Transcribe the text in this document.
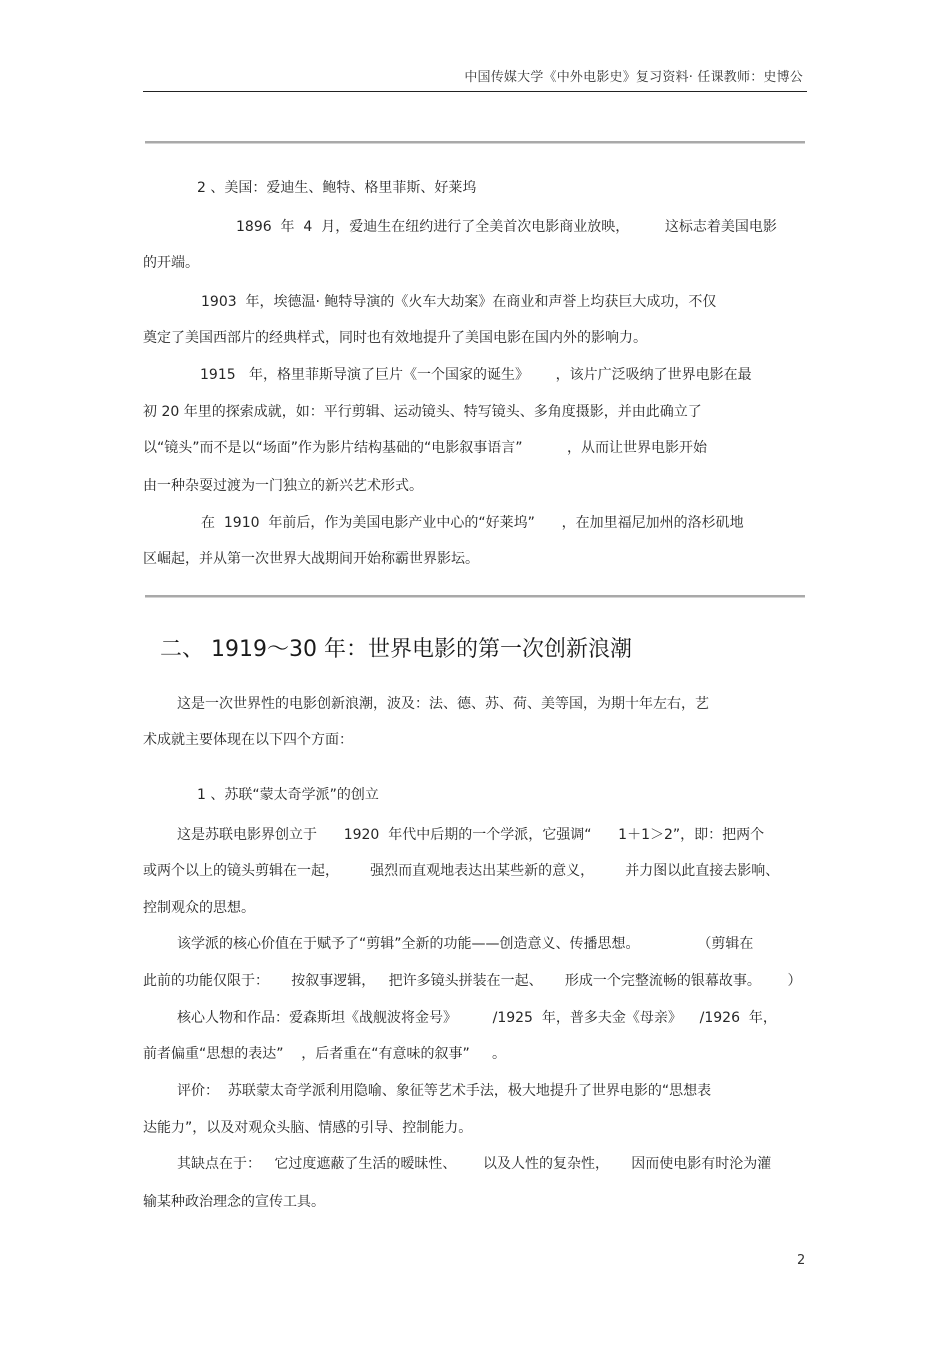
中国传媒大学《中外电影史》复习资料· 任课教师：史博公
2 、美国：爱迪生、鲍特、格里菲斯、好莱坞
1896  年  4  月，爱迪生在纽约进行了全美首次电影商业放映，        这标志着美国电影
的开端。
1903  年，埃德温· 鲍特导演的《火车大劫案》在商业和声誉上均获巨大成功，不仅
奠定了美国西部片的经典样式，同时也有效地提升了美国电影在国内外的影响力。
1915   年，格里菲斯导演了巨片《一个国家的诞生》      ，该片广泛吸纳了世界电影在最
初 20 年里的探索成就，如：平行剪辑、运动镜头、特写镜头、多角度摄影，并由此确立了
以“镜头”而不是以“场面”作为影片结构基础的“电影叙事语言”          ，从而让世界电影开始
由一种杂耍过渡为一门独立的新兴艺术形式。
在  1910  年前后，作为美国电影产业中心的“好莱坞”      ，在加里福尼加州的洛杉矶地
区崛起，并从第一次世界大战期间开始称霸世界影坛。
二、 1919～30 年：世界电影的第一次创新浪潮
这是一次世界性的电影创新浪潮，波及：法、德、苏、荷、美等国，为期十年左右，艺
术成就主要体现在以下四个方面：
1 、苏联“蒙太奇学派”的创立
这是苏联电影界创立于      1920  年代中后期的一个学派，它强调“      1＋1＞2”，即：把两个
或两个以上的镜头剪辑在一起，       强烈而直观地表达出某些新的意义，       并力图以此直接去影响、
控制观众的思想。
该学派的核心价值在于赋予了“剪辑”全新的功能——创造意义、传播思想。             （剪辑在
此前的功能仅限于：     按叙事逻辑，   把许多镜头拼装在一起、     形成一个完整流畅的银幕故事。      ）
核心人物和作品：爱森斯坦《战舰波将金号》        /1925  年，普多夫金《母亲》    /1926  年，
前者偏重“思想的表达”    ，后者重在“有意味的叙事”     。
评价：  苏联蒙太奇学派利用隐喻、象征等艺术手法，极大地提升了世界电影的“思想表
达能力”，以及对观众头脑、情感的引导、控制能力。
其缺点在于：   它过度遮蔽了生活的暧昧性、      以及人性的复杂性，     因而使电影有时沦为灌
输某种政治理念的宣传工具。
2
